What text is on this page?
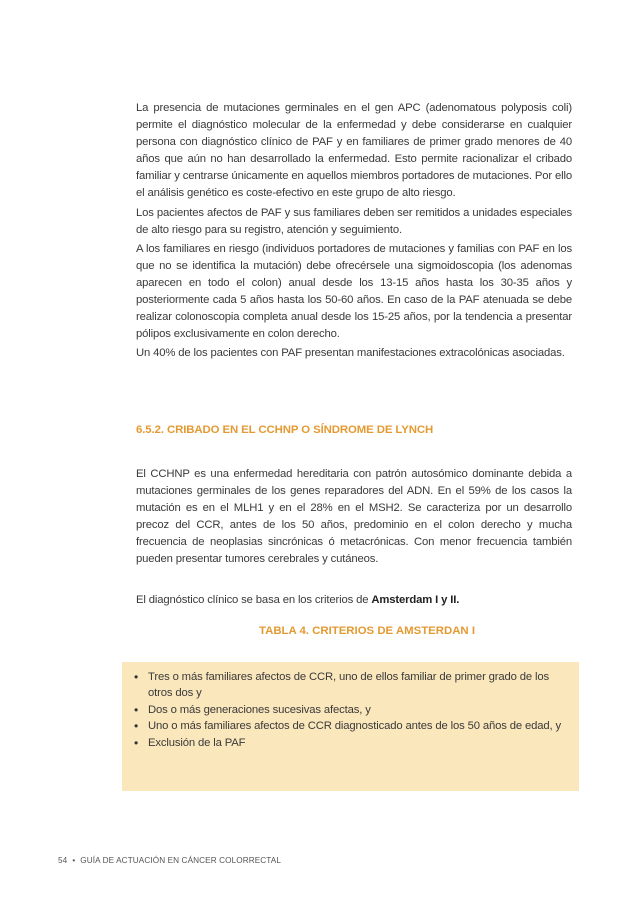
La presencia de mutaciones germinales en el gen APC (adenomatous polyposis coli) permite el diagnóstico molecular de la enfermedad y debe considerarse en cualquier persona con diagnóstico clínico de PAF y en familiares de primer grado menores de 40 años que aún no han desarrollado la enfermedad. Esto permite racionalizar el cribado familiar y centrarse únicamente en aquellos miembros portadores de mutaciones. Por ello el análisis genético es coste-efectivo en este grupo de alto riesgo.

Los pacientes afectos de PAF y sus familiares deben ser remitidos a unidades especiales de alto riesgo para su registro, atención y seguimiento.

A los familiares en riesgo (individuos portadores de mutaciones y familias con PAF en los que no se identifica la mutación) debe ofrecérsele una sigmoidoscopia (los adenomas aparecen en todo el colon) anual desde los 13-15 años hasta los 30-35 años y posteriormente cada 5 años hasta los 50-60 años. En caso de la PAF atenuada se debe realizar colonoscopia completa anual desde los 15-25 años, por la tendencia a presentar pólipos exclusivamente en colon derecho.

Un 40% de los pacientes con PAF presentan manifestaciones extracolónicas asociadas.

6.5.2. CRIBADO EN EL CCHNP O SÍNDROME DE LYNCH

El CCHNP es una enfermedad hereditaria con patrón autosómico dominante debida a mutaciones germinales de los genes reparadores del ADN. En el 59% de los casos la mutación es en el MLH1 y en el 28% en el MSH2. Se caracteriza por un desarrollo precoz del CCR, antes de los 50 años, predominio en el colon derecho y mucha frecuencia de neoplasias sincrónicas ó metacrónicas. Con menor frecuencia también pueden presentar tumores cerebrales y cutáneos.

El diagnóstico clínico se basa en los criterios de Amsterdam I y II.

TABLA 4. CRITERIOS DE AMSTERDAN I
• Tres o más familiares afectos de CCR, uno de ellos familiar de primer grado de los otros dos y
• Dos o más generaciones sucesivas afectas, y
• Uno o más familiares afectos de CCR diagnosticado antes de los 50 años de edad, y
• Exclusión de la PAF
54 • GUÍA DE ACTUACIÓN EN CÁNCER COLORRECTAL
